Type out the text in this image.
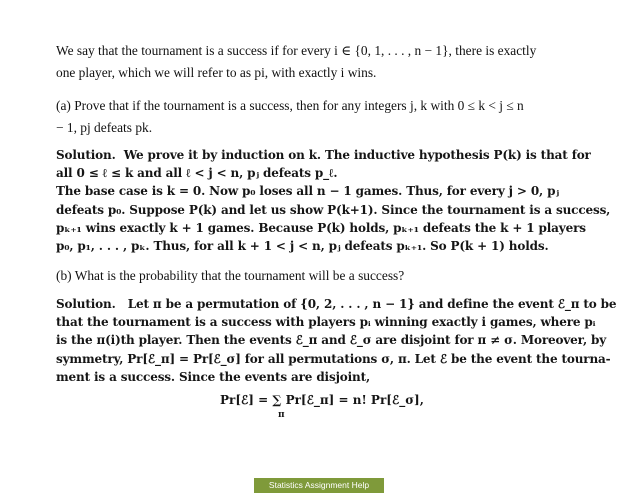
We say that the tournament is a success if for every i ∈ {0, 1, . . . , n − 1}, there is exactly
one player, which we will refer to as pi, with exactly i wins.
(a) Prove that if the tournament is a success, then for any integers j, k with 0 ≤ k < j ≤ n
− 1, pj defeats pk.
Solution. We prove it by induction on k. The inductive hypothesis P(k) is that for
all 0 ≤ ℓ ≤ k and all ℓ < j < n, pⱼ defeats p_ℓ.
The base case is k = 0. Now p₀ loses all n − 1 games. Thus, for every j > 0, pⱼ
defeats p₀. Suppose P(k) and let us show P(k+1). Since the tournament is a success,
pₖ₊₁ wins exactly k + 1 games. Because P(k) holds, pₖ₊₁ defeats the k + 1 players
p₀, p₁, . . . , pₖ. Thus, for all k + 1 < j < n, pⱼ defeats pₖ₊₁. So P(k + 1) holds.
(b) What is the probability that the tournament will be a success?
Solution. Let π be a permutation of {0, 2, . . . , n − 1} and define the event ℰ_π to be
that the tournament is a success with players pᵢ winning exactly i games, where pᵢ
is the π(i)th player. Then the events ℰ_π and ℰ_σ are disjoint for π ≠ σ. Moreover, by
symmetry, Pr[ℰ_π] = Pr[ℰ_σ] for all permutations σ, π. Let ℰ be the event the tourna-
ment is a success. Since the events are disjoint,
Pr[ℰ] = ∑ Pr[ℰ_π] = n! Pr[ℰ_σ],
π
Statistics Assignment Help
